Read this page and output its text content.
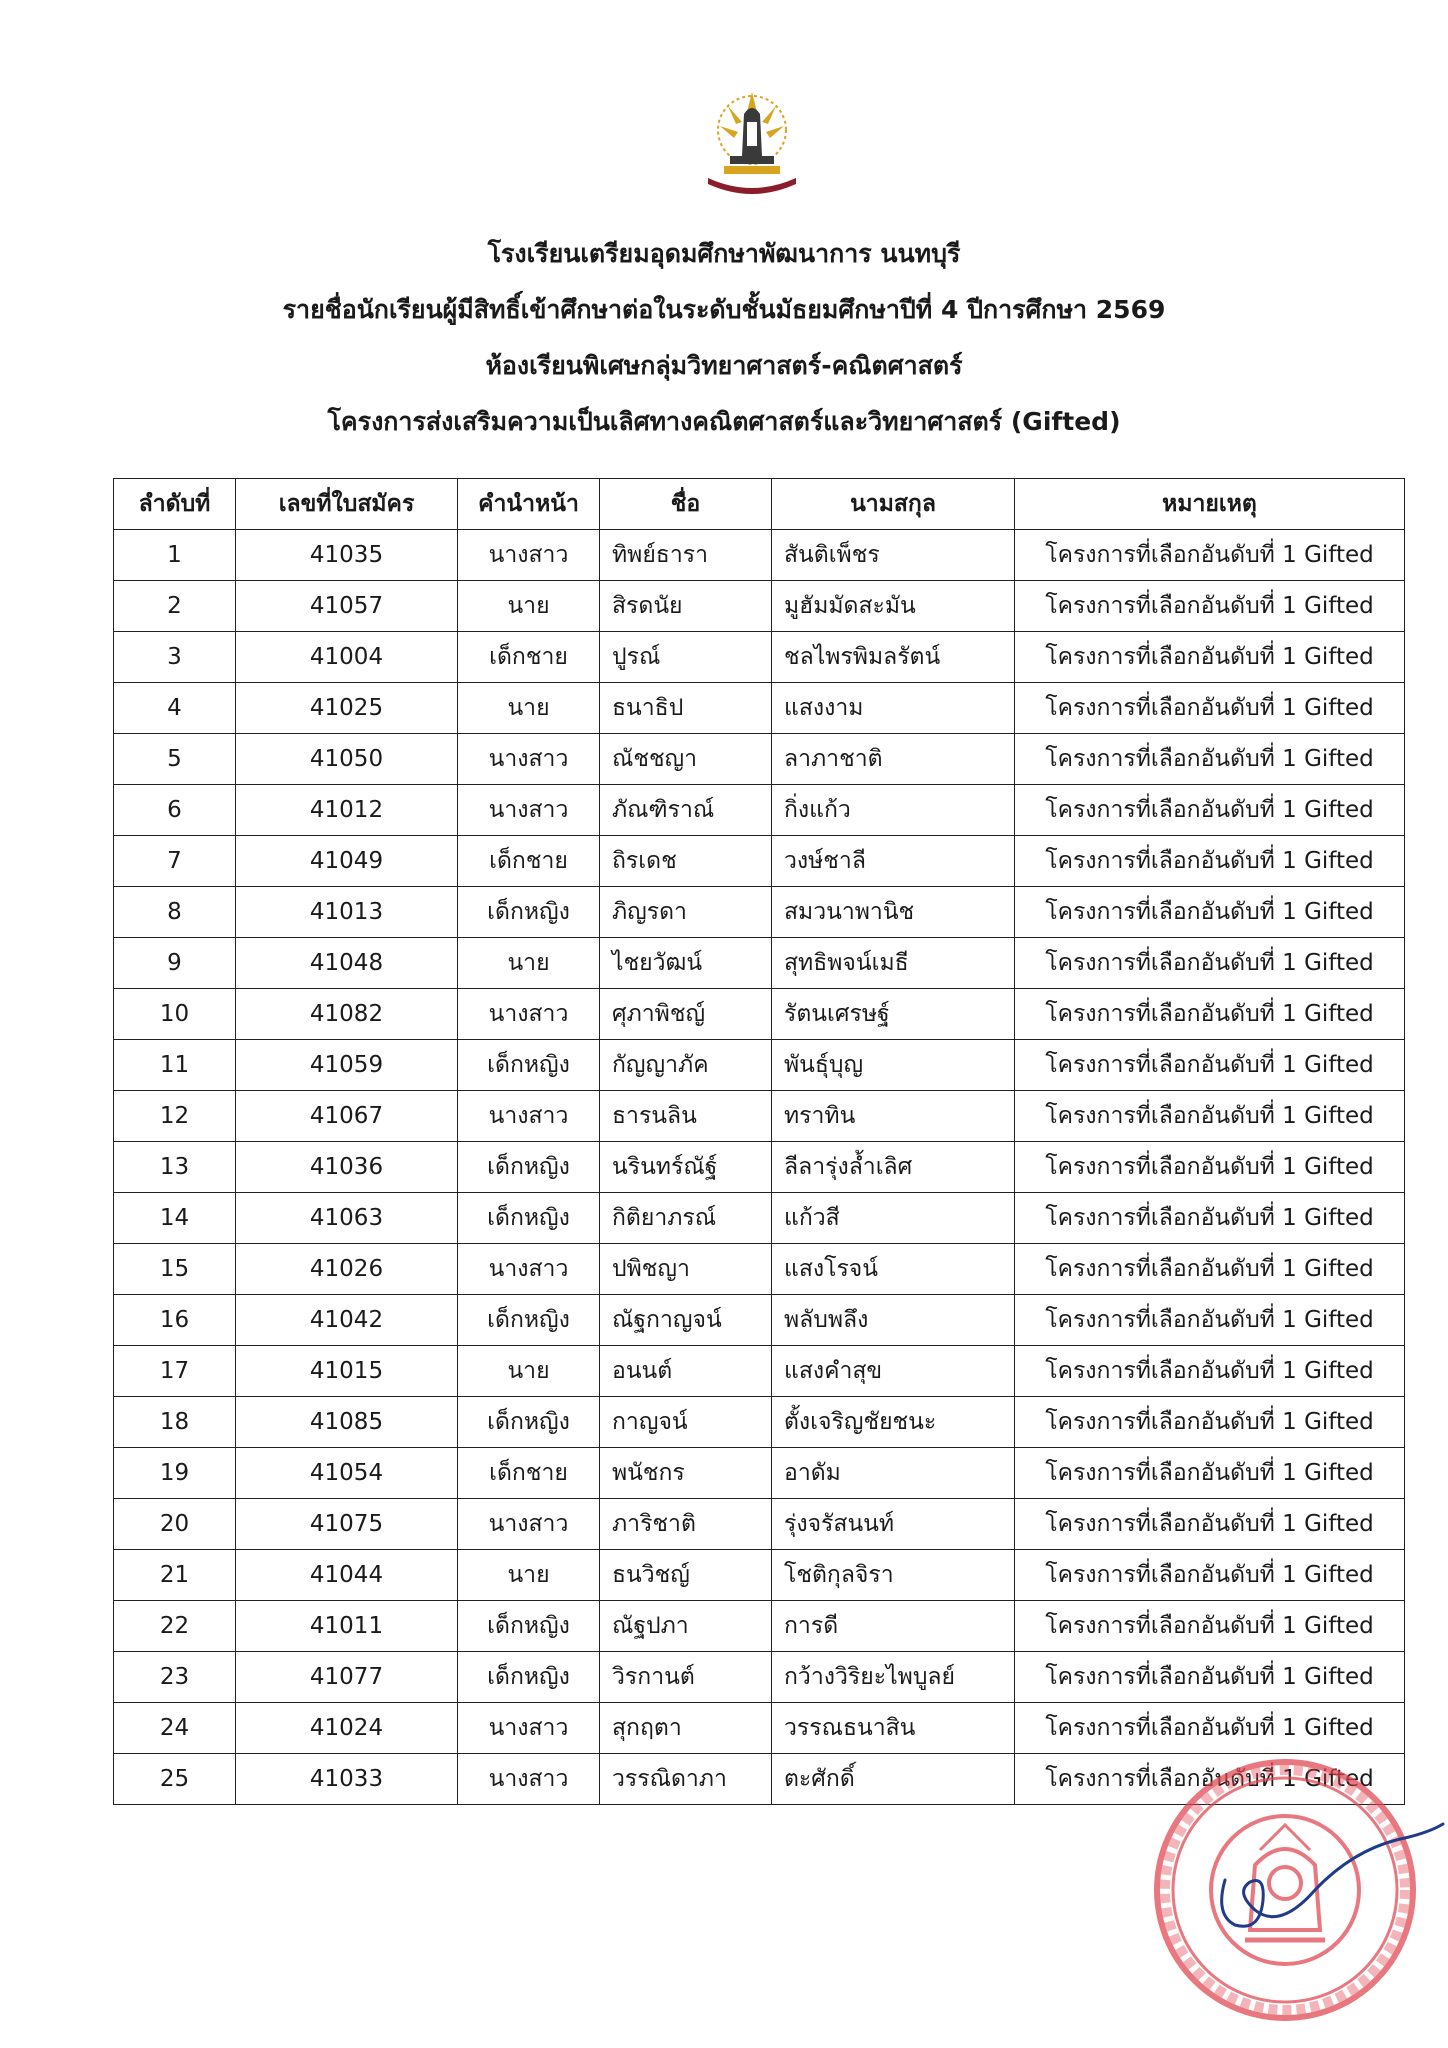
โรงเรียนเตรียมอุดมศึกษาพัฒนาการ นนทบุรี
รายชื่อนักเรียนผู้มีสิทธิ์เข้าศึกษาต่อในระดับชั้นมัธยมศึกษาปีที่ 4 ปีการศึกษา 2569
ห้องเรียนพิเศษกลุ่มวิทยาศาสตร์-คณิตศาสตร์
โครงการส่งเสริมความเป็นเลิศทางคณิตศาสตร์และวิทยาศาสตร์ (Gifted)
ลำดับที่	เลขที่ใบสมัคร	คำนำหน้า	ชื่อ	นามสกุล	หมายเหตุ
1	41035	นางสาว	ทิพย์ธารา	สันติเพ็ชร	โครงการที่เลือกอันดับที่ 1 Gifted
2	41057	นาย	สิรดนัย	มูฮัมมัดสะมัน	โครงการที่เลือกอันดับที่ 1 Gifted
3	41004	เด็กชาย	ปูรณ์	ชลไพรพิมลรัตน์	โครงการที่เลือกอันดับที่ 1 Gifted
4	41025	นาย	ธนาธิป	แสงงาม	โครงการที่เลือกอันดับที่ 1 Gifted
5	41050	นางสาว	ณัชชญา	ลาภาชาติ	โครงการที่เลือกอันดับที่ 1 Gifted
6	41012	นางสาว	ภัณฑิราณ์	กิ่งแก้ว	โครงการที่เลือกอันดับที่ 1 Gifted
7	41049	เด็กชาย	ถิรเดช	วงษ์ชาลี	โครงการที่เลือกอันดับที่ 1 Gifted
8	41013	เด็กหญิง	ภิญรดา	สมวนาพานิช	โครงการที่เลือกอันดับที่ 1 Gifted
9	41048	นาย	ไชยวัฒน์	สุทธิพจน์เมธี	โครงการที่เลือกอันดับที่ 1 Gifted
10	41082	นางสาว	ศุภาพิชญ์	รัตนเศรษฐ์	โครงการที่เลือกอันดับที่ 1 Gifted
11	41059	เด็กหญิง	กัญญาภัค	พันธุ์บุญ	โครงการที่เลือกอันดับที่ 1 Gifted
12	41067	นางสาว	ธารนลิน	ทราทิน	โครงการที่เลือกอันดับที่ 1 Gifted
13	41036	เด็กหญิง	นรินทร์ณัฐ์	ลีลารุ่งล้ำเลิศ	โครงการที่เลือกอันดับที่ 1 Gifted
14	41063	เด็กหญิง	กิติยาภรณ์	แก้วสี	โครงการที่เลือกอันดับที่ 1 Gifted
15	41026	นางสาว	ปพิชญา	แสงโรจน์	โครงการที่เลือกอันดับที่ 1 Gifted
16	41042	เด็กหญิง	ณัฐกาญจน์	พลับพลึง	โครงการที่เลือกอันดับที่ 1 Gifted
17	41015	นาย	อนนต์	แสงคำสุข	โครงการที่เลือกอันดับที่ 1 Gifted
18	41085	เด็กหญิง	กาญจน์	ตั้งเจริญชัยชนะ	โครงการที่เลือกอันดับที่ 1 Gifted
19	41054	เด็กชาย	พนัชกร	อาดัม	โครงการที่เลือกอันดับที่ 1 Gifted
20	41075	นางสาว	ภาริชาติ	รุ่งจรัสนนท์	โครงการที่เลือกอันดับที่ 1 Gifted
21	41044	นาย	ธนวิชญ์	โชติกุลจิรา	โครงการที่เลือกอันดับที่ 1 Gifted
22	41011	เด็กหญิง	ณัฐปภา	การดี	โครงการที่เลือกอันดับที่ 1 Gifted
23	41077	เด็กหญิง	วิรกานต์	กว้างวิริยะไพบูลย์	โครงการที่เลือกอันดับที่ 1 Gifted
24	41024	นางสาว	สุกฤตา	วรรณธนาสิน	โครงการที่เลือกอันดับที่ 1 Gifted
25	41033	นางสาว	วรรณิดาภา	ตะศักดิ์	โครงการที่เลือกอันดับที่ 1 Gifted
